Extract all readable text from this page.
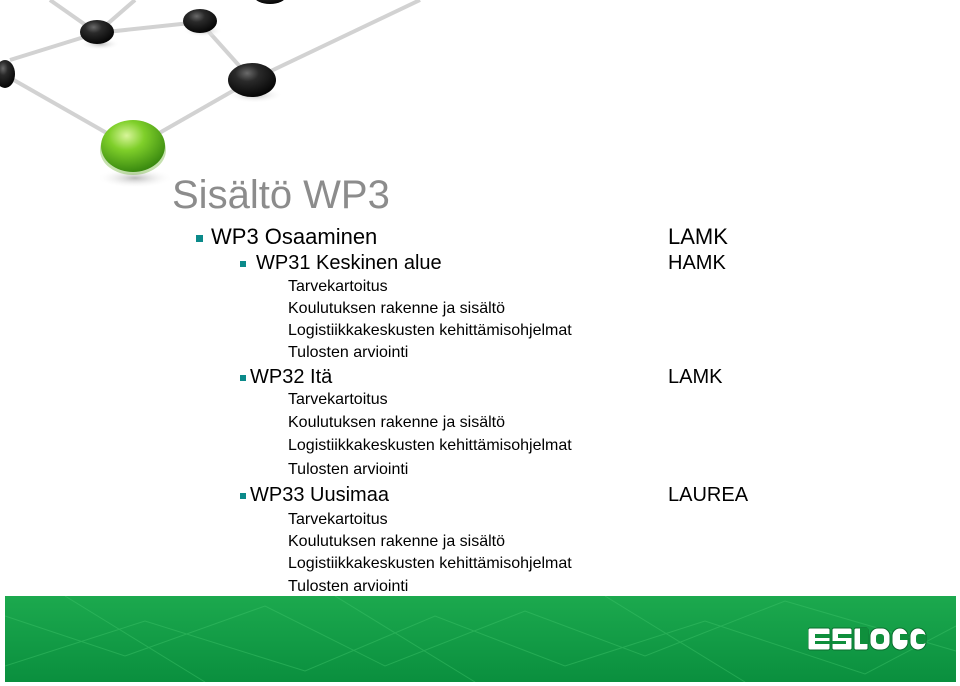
Sisältö WP3
WP3 Osaaminen	LAMK
WP31 Keskinen alue	HAMK
Tarvekartoitus
Koulutuksen rakenne ja sisältö
Logistiikkakeskusten kehittämisohjelmat
Tulosten arviointi
WP32 Itä	LAMK
Tarvekartoitus
Koulutuksen rakenne ja sisältö
Logistiikkakeskusten kehittämisohjelmat
Tulosten arviointi
WP33 Uusimaa	LAUREA
Tarvekartoitus
Koulutuksen rakenne ja sisältö
Logistiikkakeskusten kehittämisohjelmat
Tulosten arviointi
